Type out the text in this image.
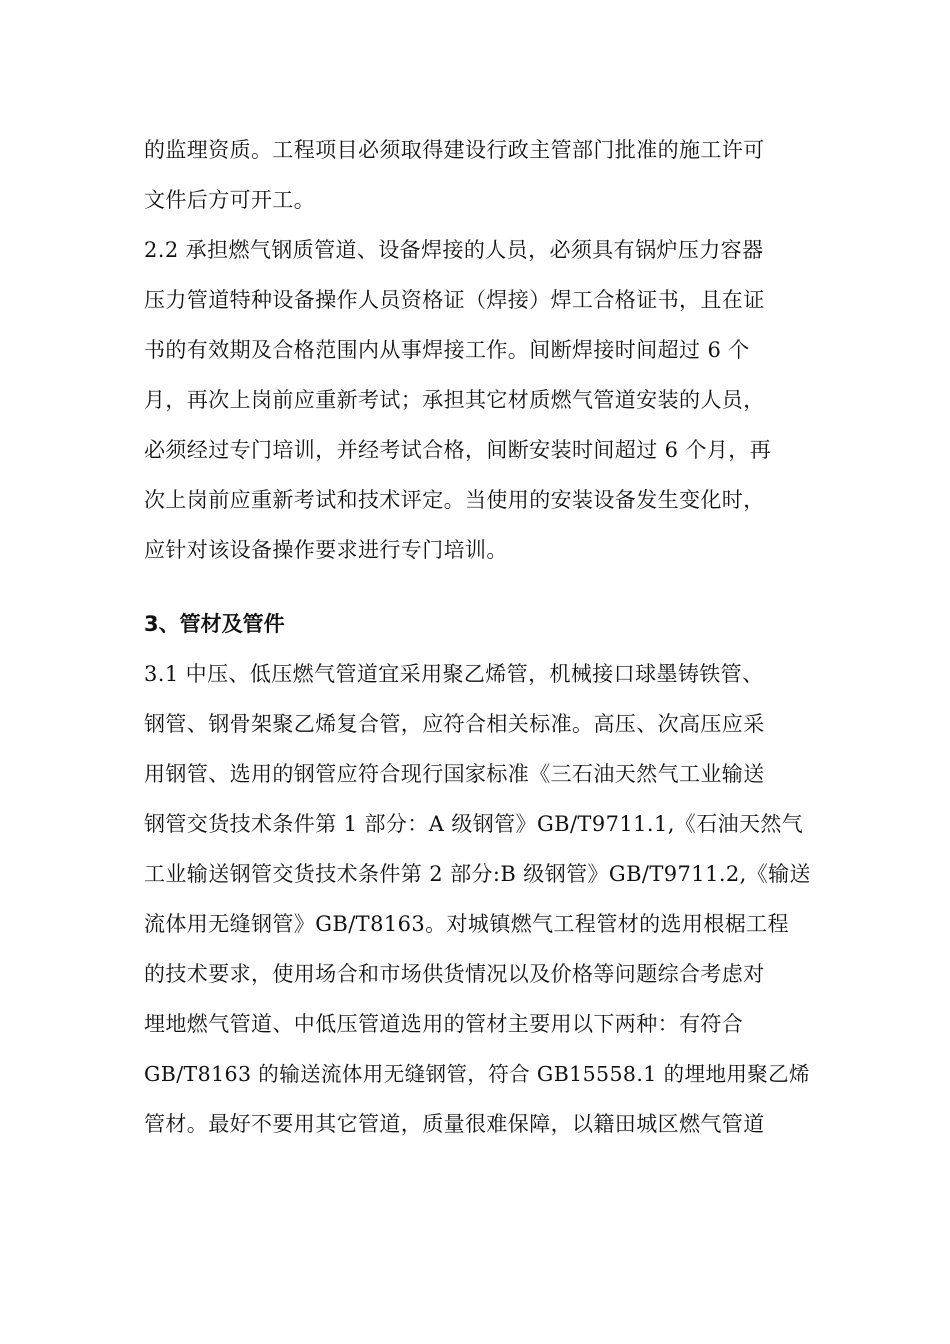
的监理资质。工程项目必须取得建设行政主管部门批准的施工许可
文件后方可开工。
2.2 承担燃气钢质管道、设备焊接的人员，必须具有锅炉压力容器
压力管道特种设备操作人员资格证（焊接）焊工合格证书，且在证
书的有效期及合格范围内从事焊接工作。间断焊接时间超过 6 个
月，再次上岗前应重新考试；承担其它材质燃气管道安装的人员，
必须经过专门培训，并经考试合格，间断安装时间超过 6 个月，再
次上岗前应重新考试和技术评定。当使用的安装设备发生变化时，
应针对该设备操作要求进行专门培训。
3、管材及管件
3.1 中压、低压燃气管道宜采用聚乙烯管，机械接口球墨铸铁管、
钢管、钢骨架聚乙烯复合管，应符合相关标准。高压、次高压应采
用钢管、选用的钢管应符合现行国家标准《三石油天然气工业输送
钢管交货技术条件第 1 部分：A 级钢管》GB/T9711.1,《石油天然气
工业输送钢管交货技术条件第 2 部分:B 级钢管》GB/T9711.2,《输送
流体用无缝钢管》GB/T8163。对城镇燃气工程管材的选用根椐工程
的技术要求，使用场合和市场供货情况以及价格等问题综合考虑对
埋地燃气管道、中低压管道选用的管材主要用以下两种：有符合
GB/T8163 的输送流体用无缝钢管，符合 GB15558.1 的埋地用聚乙烯
管材。最好不要用其它管道，质量很难保障，以籍田城区燃气管道
